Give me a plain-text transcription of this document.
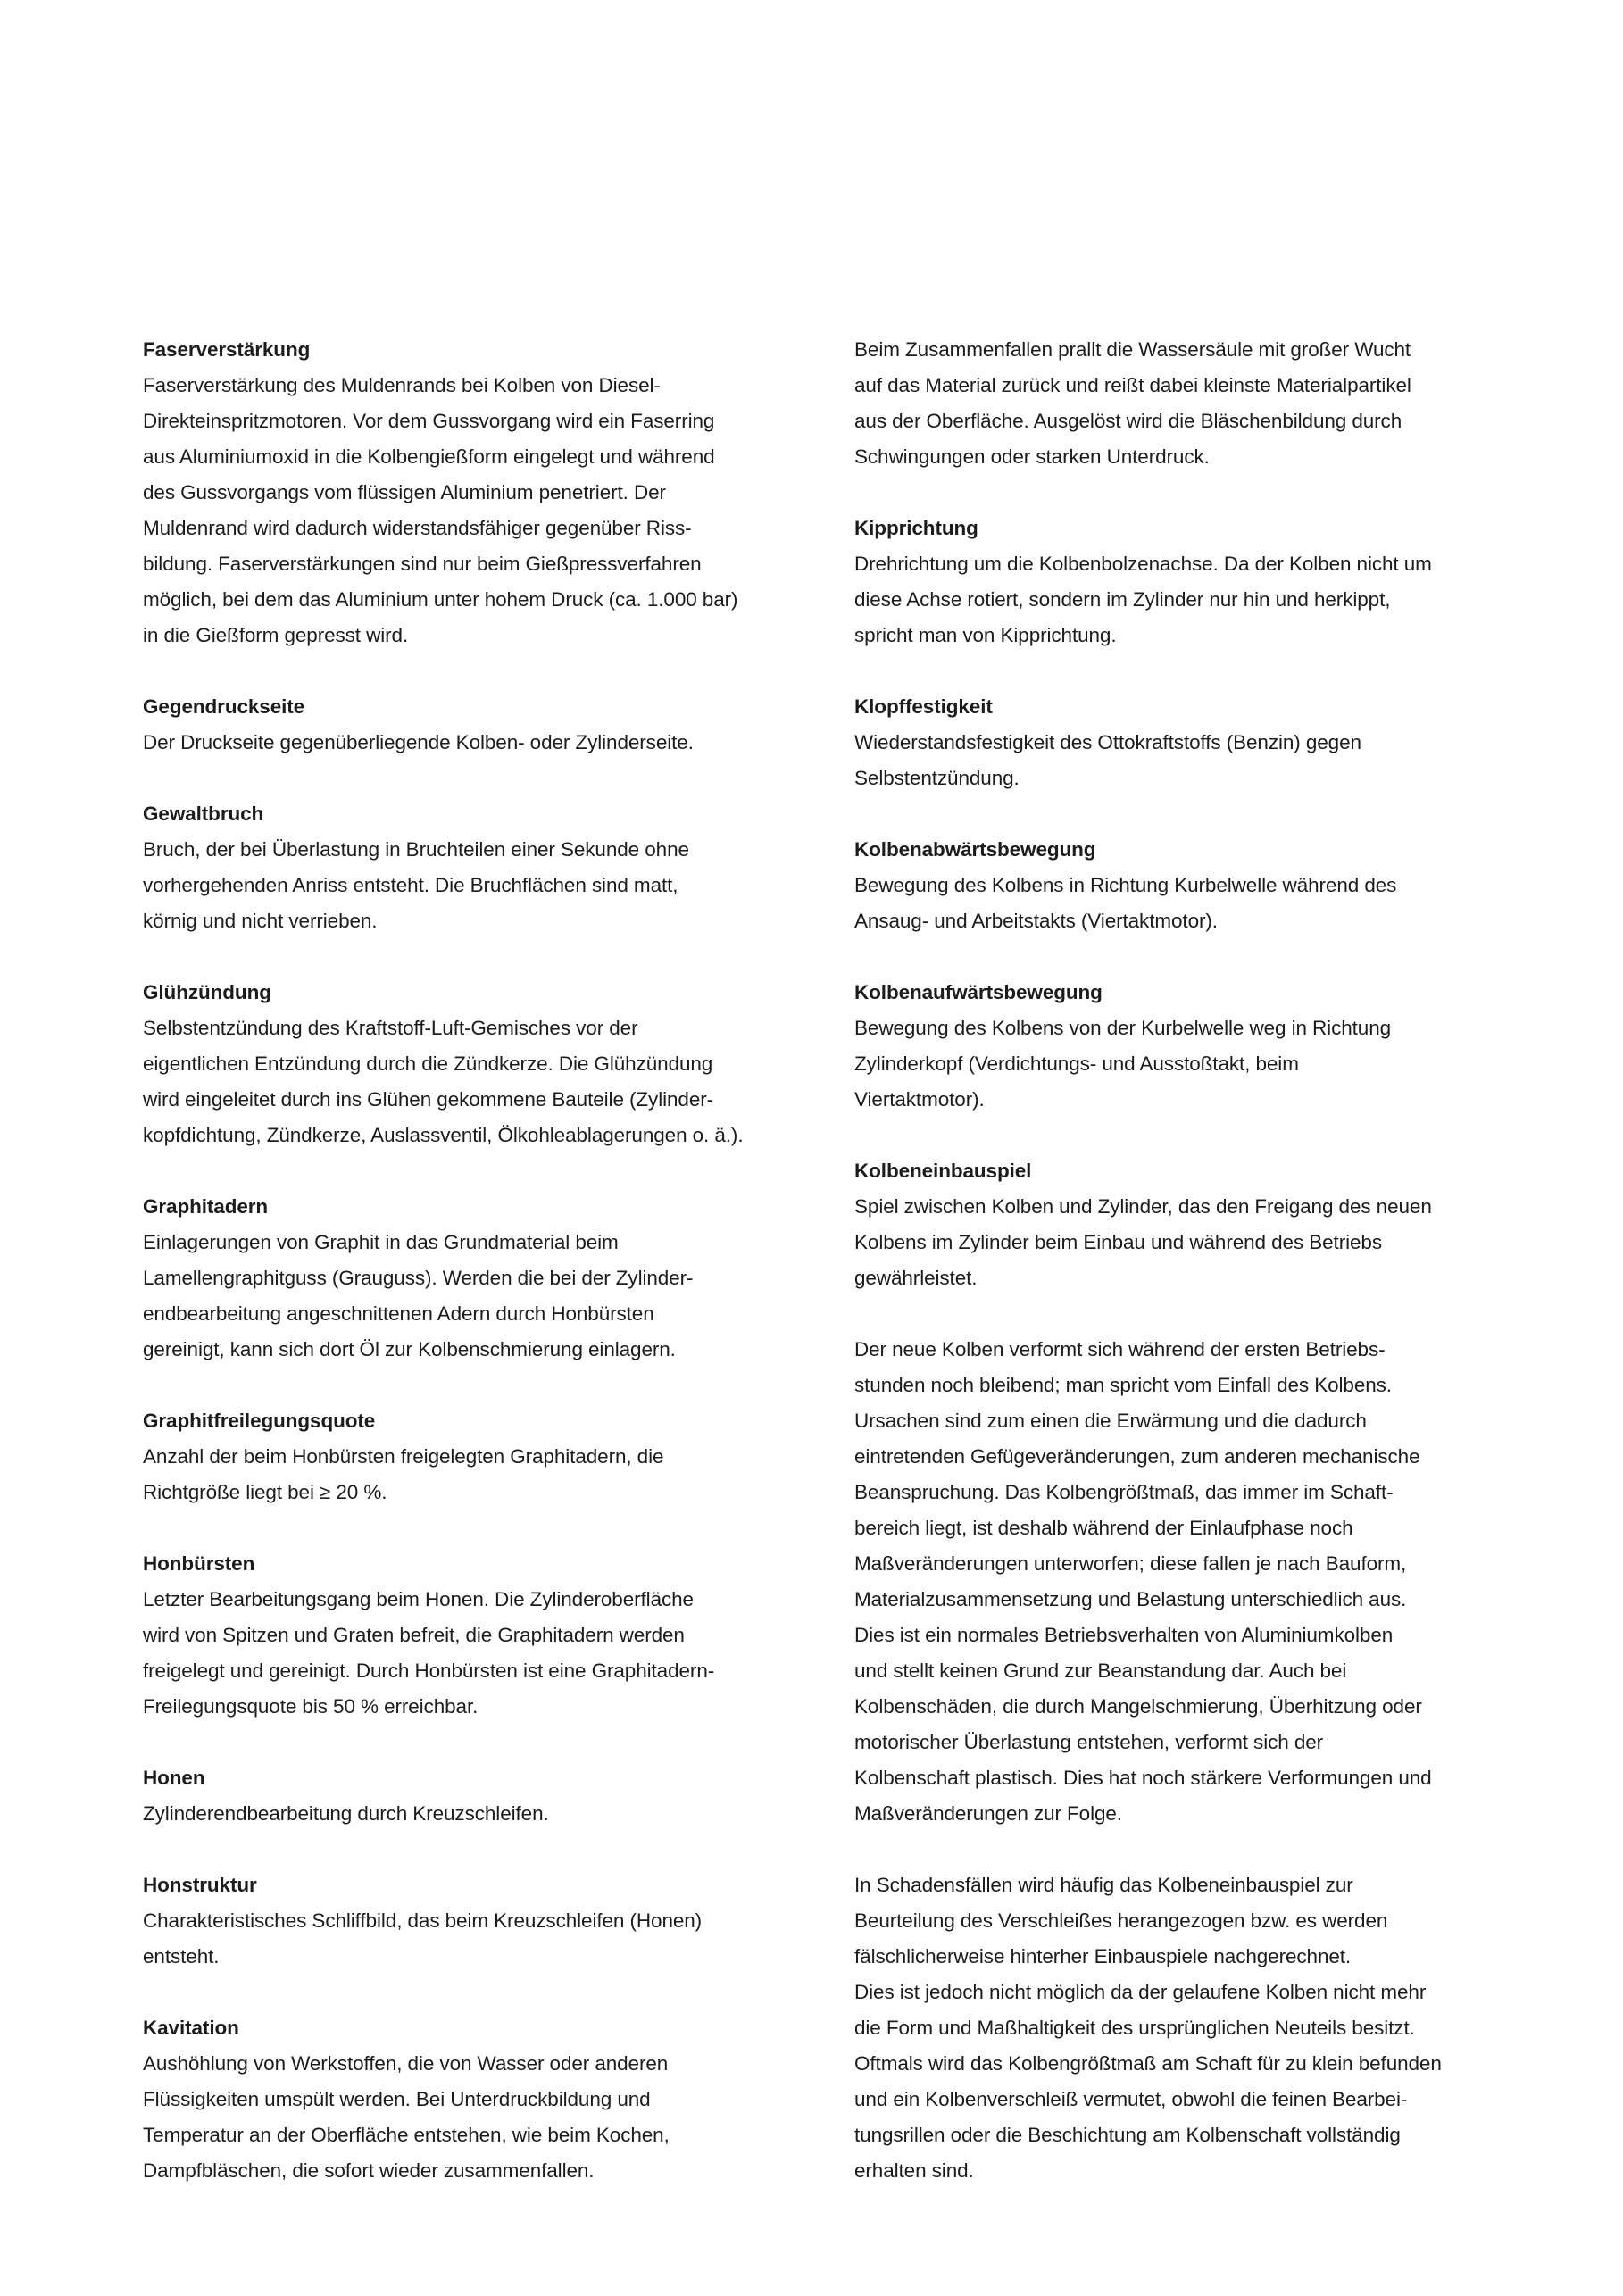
Faserverstärkung

Faserverstärkung des Muldenrands bei Kolben von Diesel-
Direkteinspritzmotoren. Vor dem Gussvorgang wird ein Faserring
aus Aluminiumoxid in die Kolbengießform eingelegt und während
des Gussvorgangs vom flüssigen Aluminium penetriert. Der
Muldenrand wird dadurch widerstandsfähiger gegenüber Riss-
bildung. Faserverstärkungen sind nur beim Gießpressverfahren
möglich, bei dem das Aluminium unter hohem Druck (ca. 1.000 bar)
in die Gießform gepresst wird.

Gegendruckseite

Der Druckseite gegenüberliegende Kolben- oder Zylinderseite.

Gewaltbruch

Bruch, der bei Überlastung in Bruchteilen einer Sekunde ohne
vorhergehenden Anriss entsteht. Die Bruchflächen sind matt,
körnig und nicht verrieben.

Glühzündung

Selbstentzündung des Kraftstoff-Luft-Gemisches vor der
eigentlichen Entzündung durch die Zündkerze. Die Glühzündung
wird eingeleitet durch ins Glühen gekommene Bauteile (Zylinder-
kopfdichtung, Zündkerze, Auslassventil, Ölkohleablagerungen o. ä.).

Graphitadern

Einlagerungen von Graphit in das Grundmaterial beim
Lamellengraphitguss (Grauguss). Werden die bei der Zylinder-
endbearbeitung angeschnittenen Adern durch Honbürsten
gereinigt, kann sich dort Öl zur Kolbenschmierung einlagern.

Graphitfreilegungsquote

Anzahl der beim Honbürsten freigelegten Graphitadern, die
Richtgröße liegt bei ≥ 20 %.

Honbürsten

Letzter Bearbeitungsgang beim Honen. Die Zylinderoberfläche
wird von Spitzen und Graten befreit, die Graphitadern werden
freigelegt und gereinigt. Durch Honbürsten ist eine Graphitadern-
Freilegungsquote bis 50 % erreichbar.

Honen

Zylinderendbearbeitung durch Kreuzschleifen.

Honstruktur

Charakteristisches Schliffbild, das beim Kreuzschleifen (Honen)
entsteht.

Kavitation

Aushöhlung von Werkstoffen, die von Wasser oder anderen
Flüssigkeiten umspült werden. Bei Unterdruckbildung und
Temperatur an der Oberfläche entstehen, wie beim Kochen,
Dampfbläschen, die sofort wieder zusammenfallen.

Beim Zusammenfallen prallt die Wassersäule mit großer Wucht
auf das Material zurück und reißt dabei kleinste Materialpartikel
aus der Oberfläche. Ausgelöst wird die Bläschenbildung durch
Schwingungen oder starken Unterdruck.

Kipprichtung

Drehrichtung um die Kolbenbolzenachse. Da der Kolben nicht um
diese Achse rotiert, sondern im Zylinder nur hin und herkippt,
spricht man von Kipprichtung.

Klopffestigkeit

Wiederstandsfestigkeit des Ottokraftstoffs (Benzin) gegen
Selbstentzündung.

Kolbenabwärtsbewegung

Bewegung des Kolbens in Richtung Kurbelwelle während des
Ansaug- und Arbeitstakts (Viertaktmotor).

Kolbenaufwärtsbewegung

Bewegung des Kolbens von der Kurbelwelle weg in Richtung
Zylinderkopf (Verdichtungs- und Ausstoßtakt, beim
Viertaktmotor).

Kolbeneinbauspiel

Spiel zwischen Kolben und Zylinder, das den Freigang des neuen
Kolbens im Zylinder beim Einbau und während des Betriebs
gewährleistet.

Der neue Kolben verformt sich während der ersten Betriebs-
stunden noch bleibend; man spricht vom Einfall des Kolbens.
Ursachen sind zum einen die Erwärmung und die dadurch
eintretenden Gefügeveränderungen, zum anderen mechanische
Beanspruchung. Das Kolbengrößtmaß, das immer im Schaft-
bereich liegt, ist deshalb während der Einlaufphase noch
Maßveränderungen unterworfen; diese fallen je nach Bauform,
Materialzusammensetzung und Belastung unterschiedlich aus.
Dies ist ein normales Betriebsverhalten von Aluminiumkolben
und stellt keinen Grund zur Beanstandung dar. Auch bei
Kolbenschäden, die durch Mangelschmierung, Überhitzung oder
motorischer Überlastung entstehen, verformt sich der
Kolbenschaft plastisch. Dies hat noch stärkere Verformungen und
Maßveränderungen zur Folge.

In Schadensfällen wird häufig das Kolbeneinbauspiel zur
Beurteilung des Verschleißes herangezogen bzw. es werden
fälschlicherweise hinterher Einbauspiele nachgerechnet.
Dies ist jedoch nicht möglich da der gelaufene Kolben nicht mehr
die Form und Maßhaltigkeit des ursprünglichen Neuteils besitzt.
Oftmals wird das Kolbengrößtmaß am Schaft für zu klein befunden
und ein Kolbenverschleiß vermutet, obwohl die feinen Bearbei-
tungsrillen oder die Beschichtung am Kolbenschaft vollständig
erhalten sind.
